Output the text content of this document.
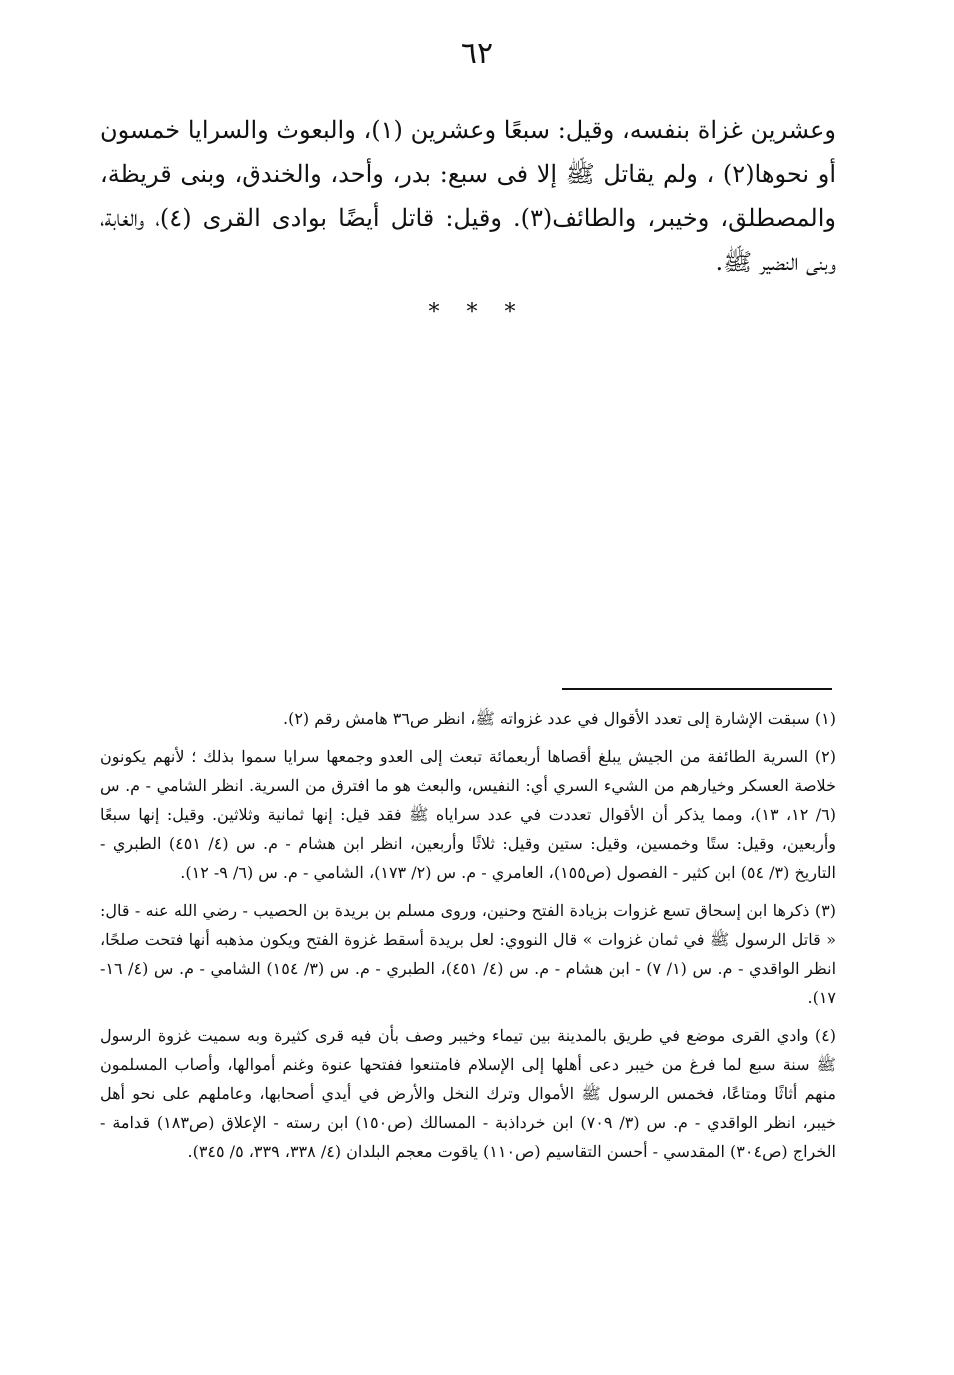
٦٢

وعشرين غزاة بنفسه، وقيل: سبعًا وعشرين (١)، والبعوث والسرايا خمسون أو نحوها(٢) ، ولم يقاتل ﷺ إلا فى سبع: بدر، وأحد، والخندق، وبنى قريظة، والمصطلق، وخيبر، والطائف(٣). وقيل: قاتل أيضًا بوادى القرى (٤)، والغابة، وبنى النضير ﷺ.

* * *

(١) سبقت الإشارة إلى تعدد الأقوال في عدد غزواته ﷺ، انظر ص٣٦ هامش رقم (٢).

(٢) السرية الطائفة من الجيش يبلغ أقصاها أربعمائة تبعث إلى العدو وجمعها سرايا سموا بذلك ؛ لأنهم يكونون خلاصة العسكر وخيارهم من الشيء السري أي: النفيس، والبعث هو ما افترق من السرية. انظر الشامي - م. س (٦/ ١٢، ١٣)، ومما يذكر أن الأقوال تعددت في عدد سراياه ﷺ فقد قيل: إنها ثمانية وثلاثين. وقيل: إنها سبعًا وأربعين، وقيل: ستًا وخمسين، وقيل: ستين وقيل: ثلاثًا وأربعين، انظر ابن هشام - م. س (٤/ ٤٥١) الطبري - التاريخ (٣/ ٥٤) ابن كثير - الفصول (ص١٥٥)، العامري - م. س (٢/ ١٧٣)، الشامي - م. س (٦/ ٩- ١٢).

(٣) ذكرها ابن إسحاق تسع غزوات بزيادة الفتح وحنين، وروى مسلم بن بريدة بن الحصيب - رضي الله عنه - قال: « قاتل الرسول ﷺ في ثمان غزوات » قال النووي: لعل بريدة أسقط غزوة الفتح ويكون مذهبه أنها فتحت صلحًا، انظر الواقدي - م. س (١/ ٧) - ابن هشام - م. س (٤/ ٤٥١)، الطبري - م. س (٣/ ١٥٤) الشامي - م. س (٤/ ١٦- ١٧).

(٤) وادي القرى موضع في طريق بالمدينة بين تيماء وخيبر وصف بأن فيه قرى كثيرة وبه سميت غزوة الرسول ﷺ سنة سبع لما فرغ من خيبر دعى أهلها إلى الإسلام فامتنعوا ففتحها عنوة وغنم أموالها، وأصاب المسلمون منهم أثاثًا ومتاعًا، فخمس الرسول ﷺ الأموال وترك النخل والأرض في أيدي أصحابها، وعاملهم على نحو أهل خيبر، انظر الواقدي - م. س (٣/ ٧٠٩) ابن خرداذبة - المسالك (ص١٥٠) ابن رسته - الإعلاق (ص١٨٣) قدامة - الخراج (ص٣٠٤) المقدسي - أحسن التقاسيم (ص١١٠) ياقوت معجم البلدان (٤/ ٣٣٨، ٣٣٩، ٥/ ٣٤٥).
